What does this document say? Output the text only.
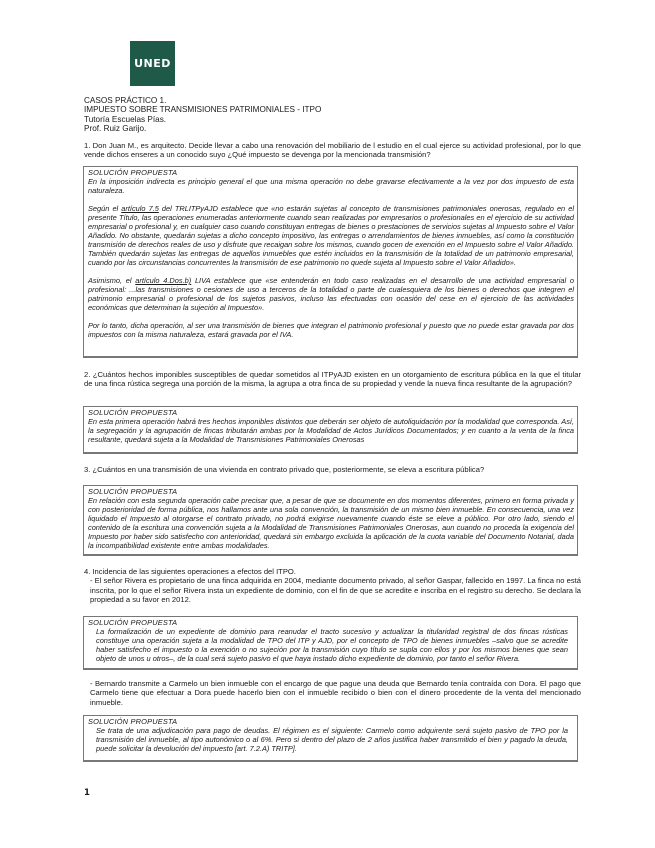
UNED
CASOS PRÁCTICO 1.
IMPUESTO SOBRE TRANSMISIONES PATRIMONIALES - ITPO
Tutoría Escuelas Pías.
Prof. Ruiz Garijo.
1. Don Juan M., es arquitecto. Decide llevar a cabo una renovación del mobiliario de l estudio en el cual ejerce su actividad profesional, por lo que vende dichos enseres a un conocido suyo ¿Qué impuesto se devenga por la mencionada transmisión?
SOLUCIÓN PROPUESTA

En la imposición indirecta es principio general el que una misma operación no debe gravarse efectivamente a la vez por dos impuesto de esta naturaleza.

Según el artículo 7.5 del TRLITPyAJD establece que «no estarán sujetas al concepto de transmisiones patrimoniales onerosas, regulado en el presente Título, las operaciones enumeradas anteriormente cuando sean realizadas por empresarios o profesionales en el ejercicio de su actividad empresarial o profesional y, en cualquier caso cuando constituyan entregas de bienes o prestaciones de servicios sujetas al Impuesto sobre el Valor Añadido. No obstante, quedarán sujetas a dicho concepto impositivo, las entregas o arrendamientos de bienes inmuebles, así como la constitución transmisión de derechos reales de uso y disfrute que recaigan sobre los mismos, cuando gocen de exención en el Impuesto sobre el Valor Añadido. También quedarán sujetas las entregas de aquellos inmuebles que estén incluidos en la transmisión de la totalidad de un patrimonio empresarial, cuando por las circunstancias concurrentes la transmisión de ese patrimonio no quede sujeta al Impuesto sobre el Valor Añadido».

Asimismo, el artículo 4.Dos.b) LIVA establece que «se entenderán en todo caso realizadas en el desarrollo de una actividad empresarial o profesional: ...las transmisiones o cesiones de uso a terceros de la totalidad o parte de cualesquiera de los bienes o derechos que integren el patrimonio empresarial o profesional de los sujetos pasivos, incluso las efectuadas con ocasión del cese en el ejercicio de las actividades económicas que determinan la sujeción al Impuesto».

Por lo tanto, dicha operación, al ser una transmisión de bienes que integran el patrimonio profesional y puesto que no puede estar gravada por dos impuestos con la misma naturaleza, estará gravada por el IVA.

2. ¿Cuántos hechos imponibles susceptibles de quedar sometidos al ITPyAJD existen en un otorgamiento de escritura pública en la que el titular de una finca rústica segrega una porción de la misma, la agrupa a otra finca de su propiedad y vende la nueva finca resultante de la agrupación?
SOLUCIÓN PROPUESTA

En esta primera operación habrá tres hechos imponibles distintos que deberán ser objeto de autoliquidación por la modalidad que corresponda. Así, la segregación y la agrupación de fincas tributarán ambas por la Modalidad de Actos Jurídicos Documentados; y en cuanto a la venta de la finca resultante, quedará sujeta a la Modalidad de Transmisiones Patrimoniales Onerosas

3. ¿Cuántos en una transmisión de una vivienda en contrato privado que, posteriormente, se eleva a escritura pública?
SOLUCIÓN PROPUESTA

En relación con esta segunda operación cabe precisar que, a pesar de que se documente en dos momentos diferentes, primero en forma privada y con posterioridad de forma pública, nos hallamos ante una sola convención, la transmisión de un mismo bien inmueble. En consecuencia, una vez liquidado el Impuesto al otorgarse el contrato privado, no podrá exigirse nuevamente cuando éste se eleve a público. Por otro lado, siendo el contenido de la escritura una convención sujeta a la Modalidad de Transmisiones Patrimoniales Onerosas, aun cuando no proceda la exigencia del Impuesto por haber sido satisfecho con anterioridad, quedará sin embargo excluida la aplicación de la cuota variable del Documento Notarial, dada la incompatibilidad existente entre ambas modalidades.

4. Incidencia de las siguientes operaciones a efectos del ITPO.
- El señor Rivera es propietario de una finca adquirida en 2004, mediante documento privado, al señor Gaspar, fallecido en 1997. La finca no está inscrita, por lo que el señor Rivera insta un expediente de dominio, con el fin de que se acredite e inscriba en el registro su derecho. Se declara la propiedad a su favor en 2012.
SOLUCIÓN PROPUESTA

La formalización de un expediente de dominio para reanudar el tracto sucesivo y actualizar la titularidad registral de dos fincas rústicas constituye una operación sujeta a la modalidad de TPO del ITP y AJD, por el concepto de TPO de bienes inmuebles –salvo que se acredite haber satisfecho el impuesto o la exención o no sujeción por la transmisión cuyo título se supla con ellos y por los mismos bienes que sean objeto de unos u otros–, de la cual será sujeto pasivo el que haya instado dicho expediente de dominio, por tanto el señor Rivera.

- Bernardo transmite a Carmelo un bien inmueble con el encargo de que pague una deuda que Bernardo tenía contraída con Dora. El pago que Carmelo tiene que efectuar a Dora puede hacerlo bien con el inmueble recibido o bien con el dinero procedente de la venta del mencionado inmueble.
SOLUCIÓN PROPUESTA

Se trata de una adjudicación para pago de deudas. El régimen es el siguiente: Carmelo como adquirente será sujeto pasivo de TPO por la transmisión del inmueble, al tipo autonómico o al 6%. Pero si dentro del plazo de 2 años justifica haber transmitido el bien y pagado la deuda, puede solicitar la devolución del impuesto [art. 7.2.A) TRITP].

1
